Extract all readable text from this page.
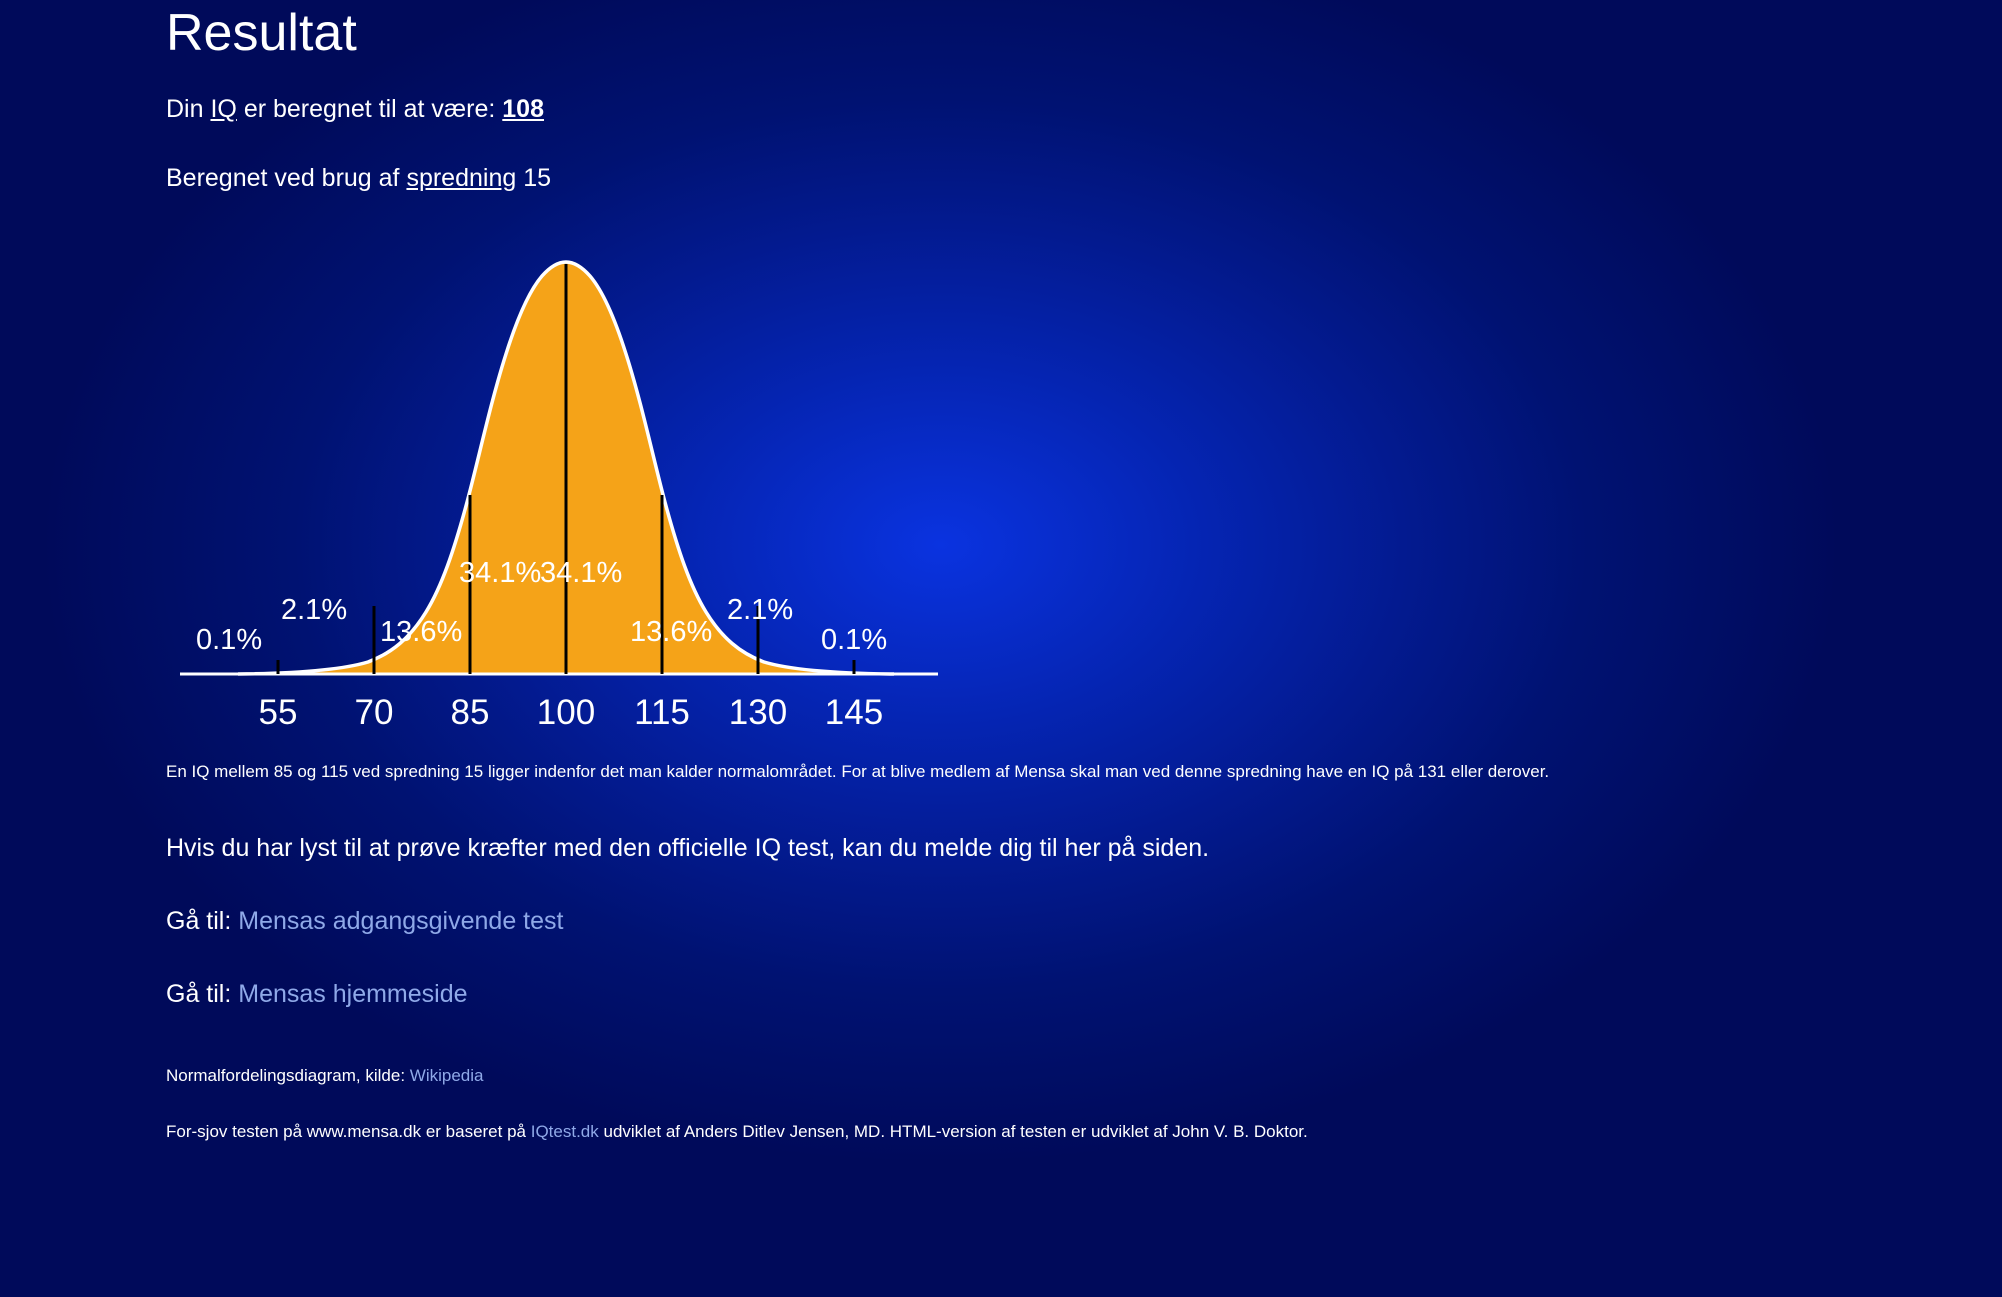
Resultat
Din IQ er beregnet til at være: 108
Beregnet ved brug af spredning 15
0.1%
2.1%
13.6%
34.1%
34.1%
13.6%
2.1%
0.1%
55 70 85 100 115 130 145
En IQ mellem 85 og 115 ved spredning 15 ligger indenfor det man kalder normalområdet. For at blive medlem af Mensa skal man ved denne spredning have en IQ på 131 eller derover.
Hvis du har lyst til at prøve kræfter med den officielle IQ test, kan du melde dig til her på siden.
Gå til: Mensas adgangsgivende test
Gå til: Mensas hjemmeside
Normalfordelingsdiagram, kilde: Wikipedia
For-sjov testen på www.mensa.dk er baseret på IQtest.dk udviklet af Anders Ditlev Jensen, MD. HTML-version af testen er udviklet af John V. B. Doktor.
